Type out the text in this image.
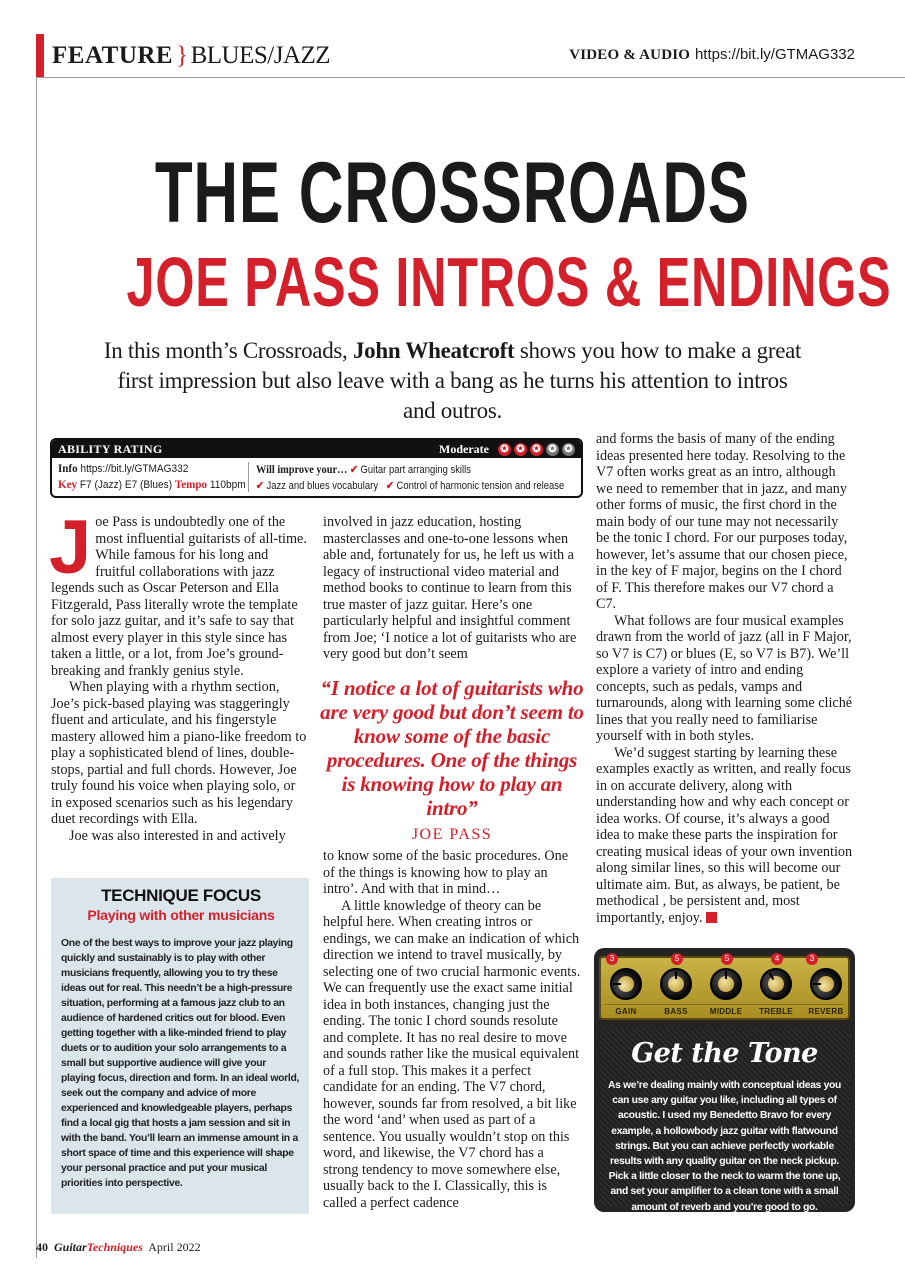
FEATURE } BLUES/JAZZ	VIDEO & AUDIO https://bit.ly/GTMAG332
THE CROSSROADS
JOE PASS INTROS & ENDINGS

In this month’s Crossroads, John Wheatcroft shows you how to make a great first impression but also leave with a bang as he turns his attention to intros and outros.

ABILITY RATING	Moderate ✪ ✪ ✪ ✪ ✪
Info https://bit.ly/GTMAG332
Key F7 (Jazz) E7 (Blues) Tempo 110bpm
Will improve your… ✔ Guitar part arranging skills
✔ Jazz and blues vocabulary ✔ Control of harmonic tension and release

Joe Pass is undoubtedly one of the most influential guitarists of all-time. While famous for his long and fruitful collaborations with jazz legends such as Oscar Peterson and Ella Fitzgerald, Pass literally wrote the template for solo jazz guitar, and it’s safe to say that almost every player in this style since has taken a little, or a lot, from Joe’s ground-breaking and frankly genius style.

When playing with a rhythm section, Joe’s pick-based playing was staggeringly fluent and articulate, and his fingerstyle mastery allowed him a piano-like freedom to play a sophisticated blend of lines, double-stops, partial and full chords. However, Joe truly found his voice when playing solo, or in exposed scenarios such as his legendary duet recordings with Ella.

Joe was also interested in and actively

TECHNIQUE FOCUS
Playing with other musicians

One of the best ways to improve your jazz playing quickly and sustainably is to play with other musicians frequently, allowing you to try these ideas out for real. This needn’t be a high-pressure situation, performing at a famous jazz club to an audience of hardened critics out for blood. Even getting together with a like-minded friend to play duets or to audition your solo arrangements to a small but supportive audience will give your playing focus, direction and form. In an ideal world, seek out the company and advice of more experienced and knowledgeable players, perhaps find a local gig that hosts a jam session and sit in with the band. You’ll learn an immense amount in a short space of time and this experience will shape your personal practice and put your musical priorities into perspective.

involved in jazz education, hosting masterclasses and one-to-one lessons when able and, fortunately for us, he left us with a legacy of instructional video material and method books to continue to learn from this true master of jazz guitar. Here’s one particularly helpful and insightful comment from Joe; ‘I notice a lot of guitarists who are very good but don’t seem

“I notice a lot of guitarists who are very good but don’t seem to know some of the basic procedures. One of the things is knowing how to play an intro”

JOE PASS

to know some of the basic procedures. One of the things is knowing how to play an intro’. And with that in mind…

A little knowledge of theory can be helpful here. When creating intros or endings, we can make an indication of which direction we intend to travel musically, by selecting one of two crucial harmonic events. We can frequently use the exact same initial idea in both instances, changing just the ending. The tonic I chord sounds resolute and complete. It has no real desire to move and sounds rather like the musical equivalent of a full stop. This makes it a perfect candidate for an ending. The V7 chord, however, sounds far from resolved, a bit like the word ‘and’ when used as part of a sentence. You usually wouldn’t stop on this word, and likewise, the V7 chord has a strong tendency to move somewhere else, usually back to the I. Classically, this is called a perfect cadence

and forms the basis of many of the ending ideas presented here today. Resolving to the V7 often works great as an intro, although we need to remember that in jazz, and many other forms of music, the first chord in the main body of our tune may not necessarily be the tonic I chord. For our purposes today, however, let’s assume that our chosen piece, in the key of F major, begins on the I chord of F. This therefore makes our V7 chord a C7.

What follows are four musical examples drawn from the world of jazz (all in F Major, so V7 is C7) or blues (E, so V7 is B7). We’ll explore a variety of intro and ending concepts, such as pedals, vamps and turnarounds, along with learning some cliché lines that you really need to familiarise yourself with in both styles.

We’d suggest starting by learning these examples exactly as written, and really focus in on accurate delivery, along with understanding how and why each concept or idea works. Of course, it’s always a good idea to make these parts the inspiration for creating musical ideas of your own invention along similar lines, so this will become our ultimate aim. But, as always, be patient, be methodical , be persistent and, most importantly, enjoy.

3
GAIN
5
BASS
5
MIDDLE
4
TREBLE
3
REVERB
Get the Tone
As we’re dealing mainly with conceptual ideas you can use any guitar you like, including all types of acoustic. I used my Benedetto Bravo for every example, a hollowbody jazz guitar with flatwound strings. But you can achieve perfectly workable results with any quality guitar on the neck pickup. Pick a little closer to the neck to warm the tone up, and set your amplifier to a clean tone with a small amount of reverb and you’re good to go.
40 GuitarTechniques April 2022
